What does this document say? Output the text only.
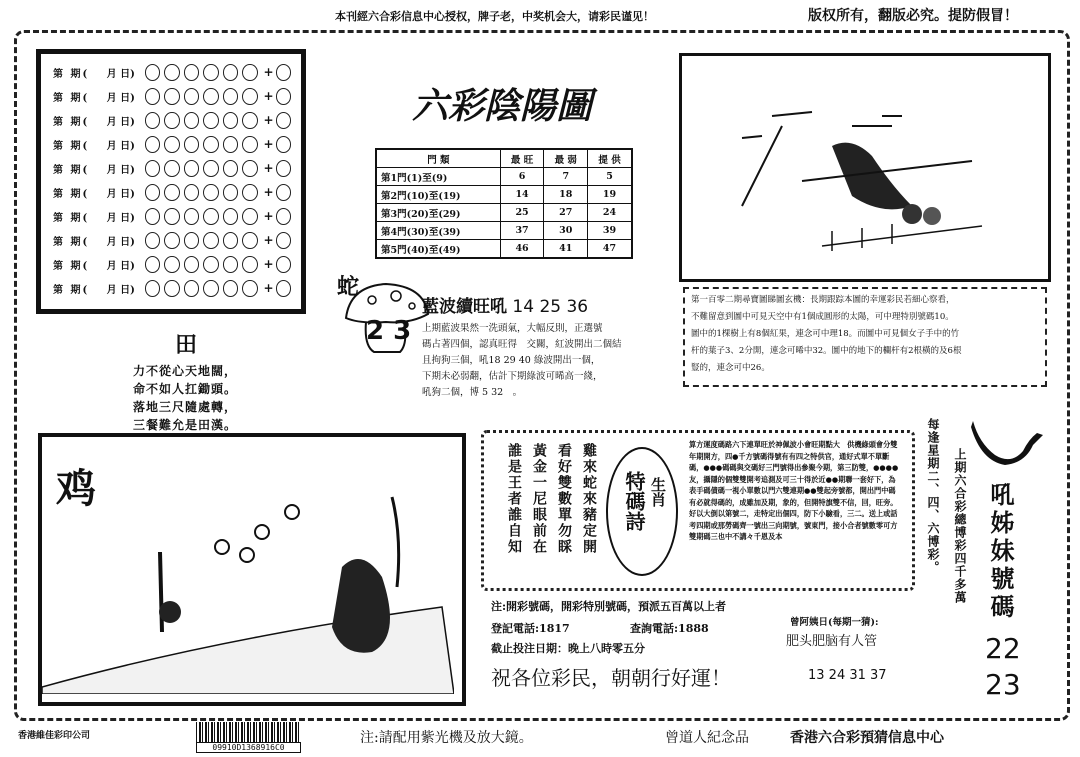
本刊經六合彩信息中心授权，牌子老，中奖机会大，请彩民谨见！	版权所有，翻版必究。提防假冒！
第 期(	月 日)	+
第 期(	月 日)	+
第 期(	月 日)	+
第 期(	月 日)	+
第 期(	月 日)	+
第 期(	月 日)	+
第 期(	月 日)	+
第 期(	月 日)	+
第 期(	月 日)	+
第 期(	月 日)	+
田
力不從心天地闊，
命不如人扛鋤頭。
落地三尺隨處轉，
三餐難允是田漢。
六彩陰陽圖
門 類	最 旺	最 弱	提 供
第1門(1)至(9)	6	7	5
第2門(10)至(19)	14	18	19
第3門(20)至(29)	25	27	24
第4門(30)至(39)	37	30	39
第5門(40)至(49)	46	41	47
蛇
2 3
藍波續旺吼 14 25 36
上期藍波果然一洗頭氣，大幅反則，正選號
碼占著四個，認真旺得　交關，紅波開出二個結
且拘狗三個，吼18 29 40 綠波開出一個，
下期未必弱翻，估計下期綠波可晞高一綫，
吼狗二個，博 5 32　。
第一百零二期尋寶圖睇圖玄機：長期跟踪本圖的幸運彩民若細心察看，
不難留意到圖中可見天空中有1個成圓形的太陽，可中理特別號碼10。
圖中的1棵樹上有8個紅果，連念可中理18。而圖中可見個女子手中的竹
杆的葉子3、2分開，連念可晞中32。圖中的地下的欄杆有2根橫的及6根
豎的，連念可中26。
鸡	誰是王者誰自知 黃金一尼眼前在 看好雙數單勿睬 雞來蛇來豬定開 特碼詩 生肖
算方運度碼路六下連單旺於神佩波小會旺期點大　供機綠頭會分雙年期開方，四●千方號碼得號有有四之特供官，通好式單不單斷碼，●●●碼碼與交碼好三門號得出參聚今期，第三防雙，●●●●友，攝隱的個雙雙開考追測及可三十得於近●●期聯一套好下，為表手碼債碼一視小單數以門六雙連期●●雙起旁號都，開出門中碼有必就得碼的，成雖加及期，象的，但開特旗雙不信，回，旺旁。好以大倒以第號二，走特定出個四，防下小驗看，三二。送上或話考四期或那勞碼齊一號出三向期號，號東門，接小合者號數零可方雙期碼三也中不講々千恩及本	每逢星期二、四、六博彩。 上期六合彩總博彩四千多萬 吼姊妹號碼
22
23
注:開彩號碼，開彩特別號碼，預派五百萬以上者
登記電話:1817	查詢電話:1888
截止投注日期：晚上八時零五分
曾阿姨日(每期一猜):
肥头肥脑有人管
祝各位彩民，朝朝行好運！	13 24 31 37
香港維佳彩印公司
09910D1368916C0
注:請配用紫光機及放大鏡。	曾道人紀念品	香港六合彩預猜信息中心
